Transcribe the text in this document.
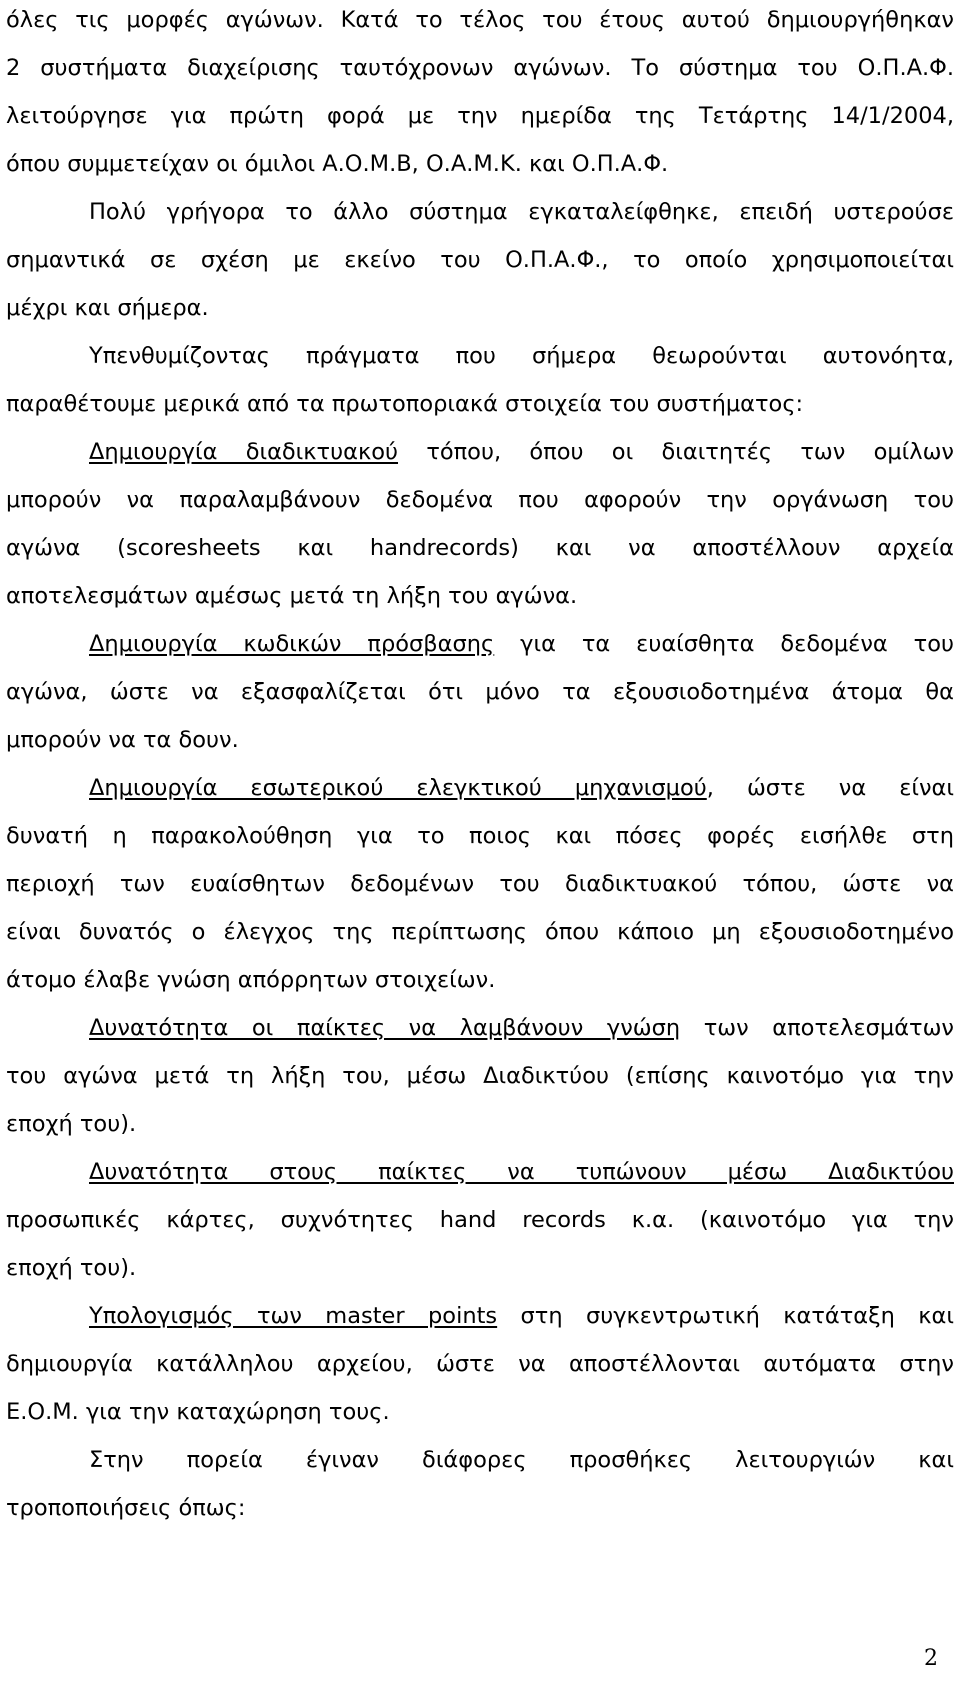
όλες τις μορφές αγώνων. Κατά το τέλος του έτους αυτού δημιουργήθηκαν
2 συστήματα διαχείρισης ταυτόχρονων αγώνων. Το σύστημα του Ο.Π.Α.Φ.
λειτούργησε για πρώτη φορά με την ημερίδα της Τετάρτης 14/1/2004,
όπου συμμετείχαν οι όμιλοι Α.Ο.Μ.Β, Ο.Α.Μ.Κ. και Ο.Π.Α.Φ.
Πολύ γρήγορα το άλλο σύστημα εγκαταλείφθηκε, επειδή υστερούσε
σημαντικά σε σχέση με εκείνο του Ο.Π.Α.Φ., το οποίο χρησιμοποιείται
μέχρι και σήμερα.
Υπενθυμίζοντας πράγματα που σήμερα θεωρούνται αυτονόητα,
παραθέτουμε μερικά από τα πρωτοποριακά στοιχεία του συστήματος:
Δημιουργία διαδικτυακού τόπου, όπου οι διαιτητές των ομίλων
μπορούν να παραλαμβάνουν δεδομένα που αφορούν την οργάνωση του
αγώνα (scoresheets και handrecords) και να αποστέλλουν αρχεία
αποτελεσμάτων αμέσως μετά τη λήξη του αγώνα.
Δημιουργία κωδικών πρόσβασης για τα ευαίσθητα δεδομένα του
αγώνα, ώστε να εξασφαλίζεται ότι μόνο τα εξουσιοδοτημένα άτομα θα
μπορούν να τα δουν.
Δημιουργία εσωτερικού ελεγκτικού μηχανισμού, ώστε να είναι
δυνατή η παρακολούθηση για το ποιος και πόσες φορές εισήλθε στη
περιοχή των ευαίσθητων δεδομένων του διαδικτυακού τόπου, ώστε να
είναι δυνατός ο έλεγχος της περίπτωσης όπου κάποιο μη εξουσιοδοτημένο
άτομο έλαβε γνώση απόρρητων στοιχείων.
Δυνατότητα οι παίκτες να λαμβάνουν γνώση των αποτελεσμάτων
του αγώνα μετά τη λήξη του, μέσω Διαδικτύου (επίσης καινοτόμο για την
εποχή του).
Δυνατότητα στους παίκτες να τυπώνουν μέσω Διαδικτύου
προσωπικές κάρτες, συχνότητες hand records κ.α. (καινοτόμο για την
εποχή του).
Υπολογισμός των master points στη συγκεντρωτική κατάταξη και
δημιουργία κατάλληλου αρχείου, ώστε να αποστέλλονται αυτόματα στην
Ε.Ο.Μ. για την καταχώρηση τους.
Στην πορεία έγιναν διάφορες προσθήκες λειτουργιών και
τροποποιήσεις όπως:
2
